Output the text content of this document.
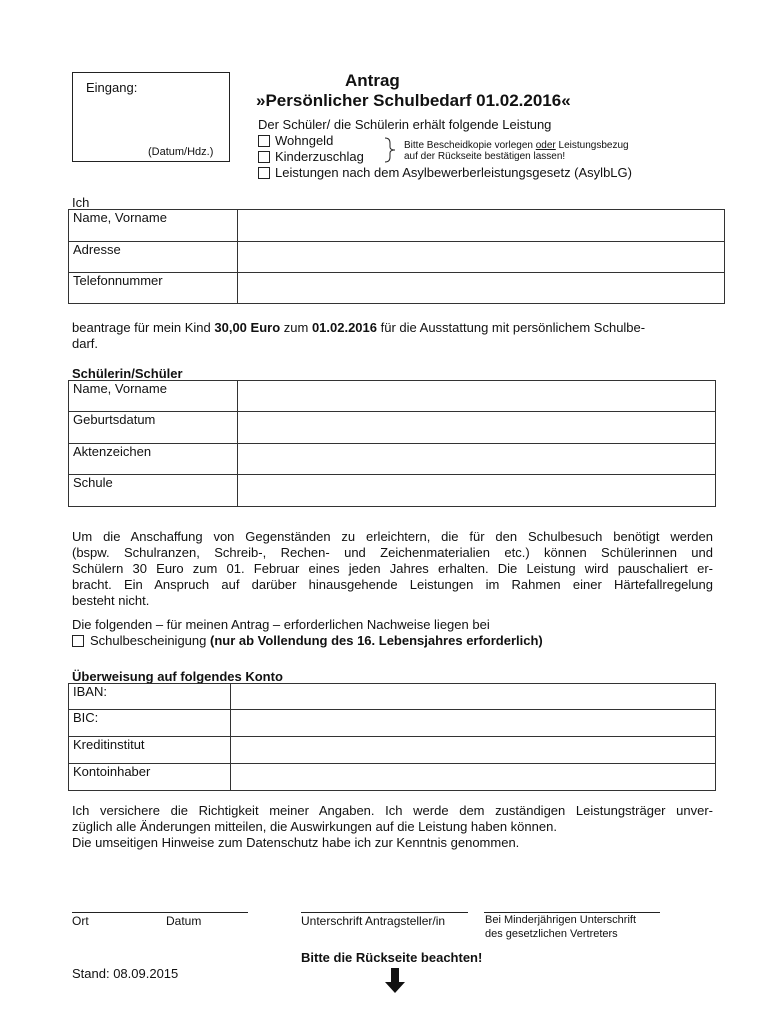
Eingang:
(Datum/Hdz.)
Antrag
»Persönlicher Schulbedarf 01.02.2016«
Der Schüler/ die Schülerin erhält folgende Leistung
Wohngeld
Kinderzuschlag
Leistungen nach dem Asylbewerberleistungsgesetz (AsylbLG)
Bitte Bescheidkopie vorlegen oder Leistungsbezug
auf der Rückseite bestätigen lassen!
Ich
Name, Vorname	
Adresse	
Telefonnummer	
beantrage für mein Kind 30,00 Euro zum 01.02.2016 für die Ausstattung mit persönlichem Schulbe-
darf.
Schülerin/Schüler
Name, Vorname	
Geburtsdatum	
Aktenzeichen	
Schule	
Um die Anschaffung von Gegenständen zu erleichtern, die für den Schulbesuch benötigt werden
(bspw. Schulranzen, Schreib-, Rechen- und Zeichenmaterialien etc.) können Schülerinnen und
Schülern 30 Euro zum 01. Februar eines jeden Jahres erhalten. Die Leistung wird pauschaliert er-
bracht. Ein Anspruch auf darüber hinausgehende Leistungen im Rahmen einer Härtefallregelung
besteht nicht.
Die folgenden – für meinen Antrag – erforderlichen Nachweise liegen bei
Schulbescheinigung (nur ab Vollendung des 16. Lebensjahres erforderlich)
Überweisung auf folgendes Konto
IBAN:	
BIC:	
Kreditinstitut	
Kontoinhaber	
Ich versichere die Richtigkeit meiner Angaben. Ich werde dem zuständigen Leistungsträger unver-
züglich alle Änderungen mitteilen, die Auswirkungen auf die Leistung haben können.
Die umseitigen Hinweise zum Datenschutz habe ich zur Kenntnis genommen.
Ort	Datum	Unterschrift Antragsteller/in	Bei Minderjährigen Unterschrift
des gesetzlichen Vertreters
Bitte die Rückseite beachten!
Stand: 08.09.2015
